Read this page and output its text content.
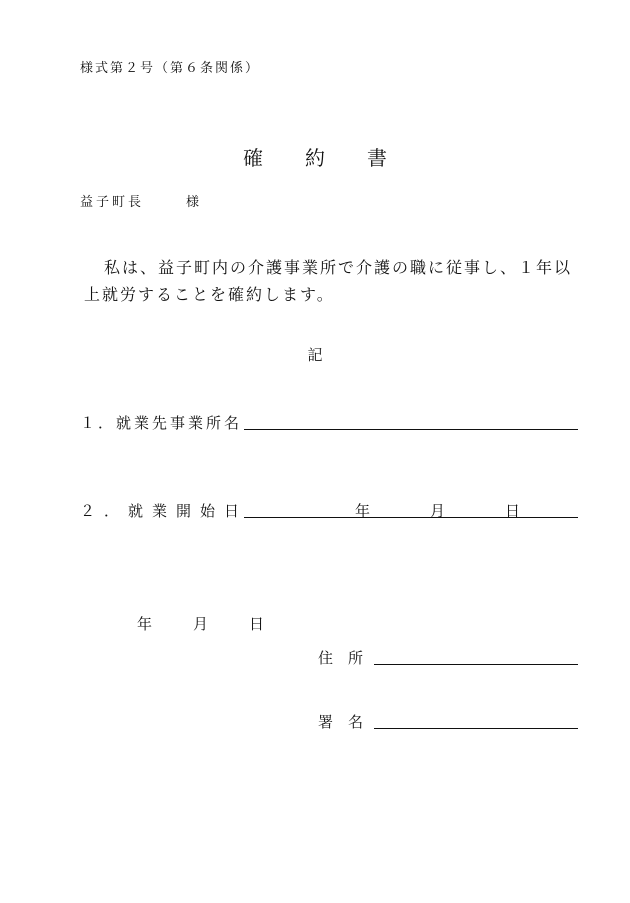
様式第２号（第６条関係）
確約書
益子町長	様
私は、益子町内の介護事業所で介護の職に従事し、１年以
上就労することを確約します。
記
１．就業先事業所名
２．就業開始日	年	月	日
年	月	日
住所
署名
